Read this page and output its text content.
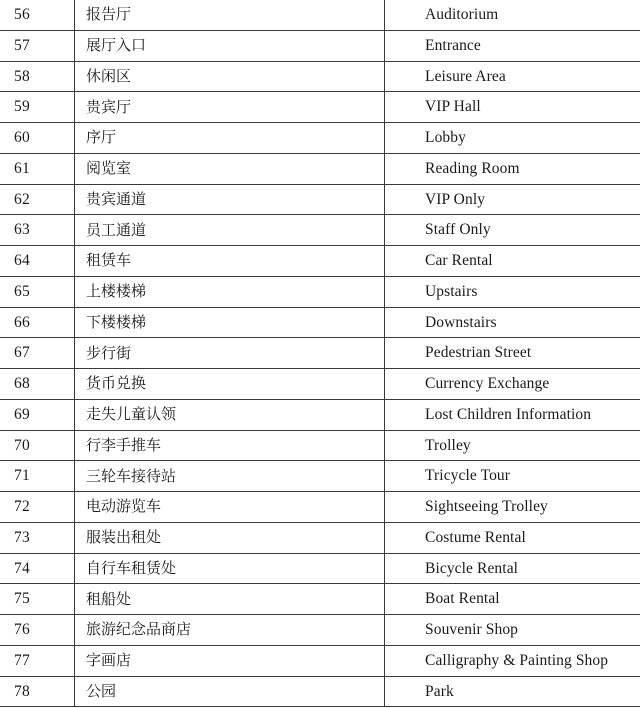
56	报告厅	Auditorium
57	展厅入口	Entrance
58	休闲区	Leisure Area
59	贵宾厅	VIP Hall
60	序厅	Lobby
61	阅览室	Reading Room
62	贵宾通道	VIP Only
63	员工通道	Staff Only
64	租赁车	Car Rental
65	上楼楼梯	Upstairs
66	下楼楼梯	Downstairs
67	步行街	Pedestrian Street
68	货币兑换	Currency Exchange
69	走失儿童认领	Lost Children Information
70	行李手推车	Trolley
71	三轮车接待站	Tricycle Tour
72	电动游览车	Sightseeing Trolley
73	服装出租处	Costume Rental
74	自行车租赁处	Bicycle Rental
75	租船处	Boat Rental
76	旅游纪念品商店	Souvenir Shop
77	字画店	Calligraphy & Painting Shop
78	公园	Park
